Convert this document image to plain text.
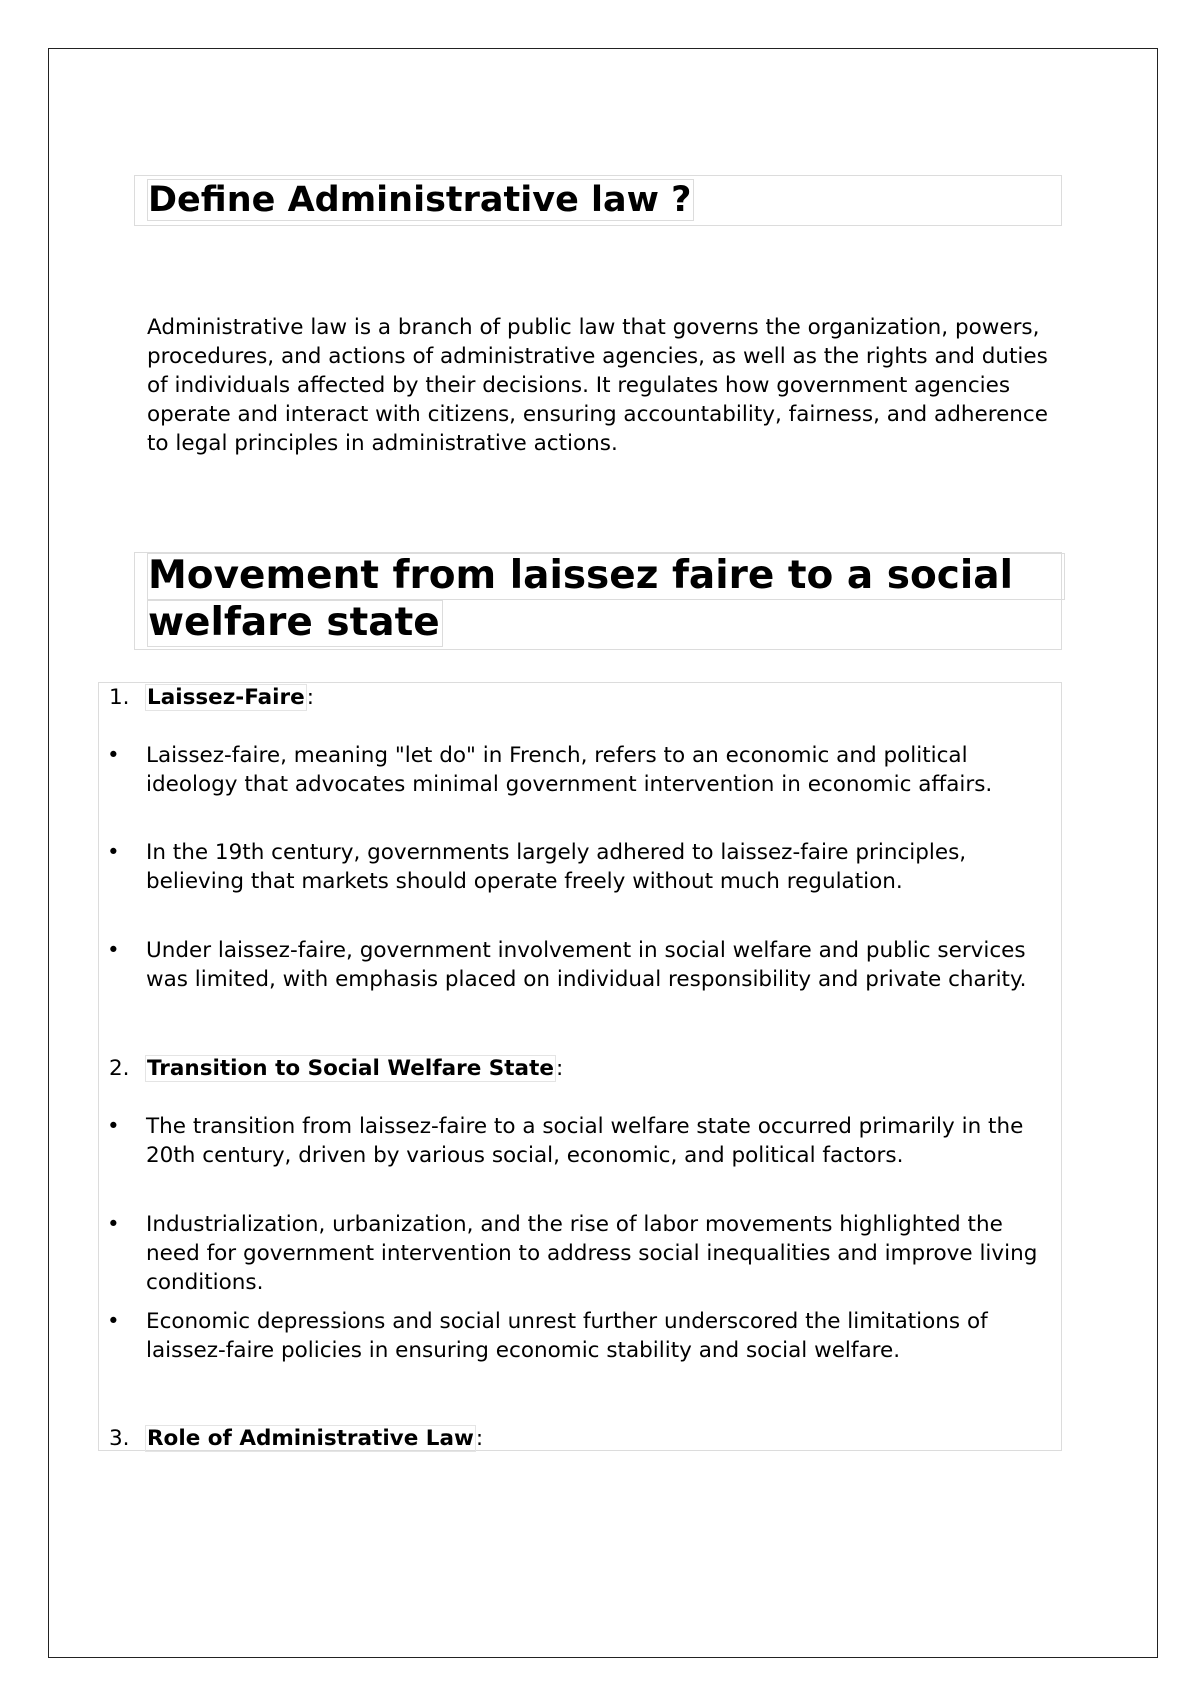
Define Administrative law ?
Administrative law is a branch of public law that governs the organization, powers, procedures, and actions of administrative agencies, as well as the rights and duties of individuals affected by their decisions. It regulates how government agencies operate and interact with citizens, ensuring accountability, fairness, and adherence to legal principles in administrative actions.
Movement from laissez faire to a social
welfare state
1. Laissez-Faire:
•	Laissez-faire, meaning "let do" in French, refers to an economic and political ideology that advocates minimal government intervention in economic affairs.
•	In the 19th century, governments largely adhered to laissez-faire principles, believing that markets should operate freely without much regulation.
•	Under laissez-faire, government involvement in social welfare and public services was limited, with emphasis placed on individual responsibility and private charity.
2. Transition to Social Welfare State:
•	The transition from laissez-faire to a social welfare state occurred primarily in the 20th century, driven by various social, economic, and political factors.
•	Industrialization, urbanization, and the rise of labor movements highlighted the need for government intervention to address social inequalities and improve living conditions.
•	Economic depressions and social unrest further underscored the limitations of laissez-faire policies in ensuring economic stability and social welfare.
3. Role of Administrative Law:
